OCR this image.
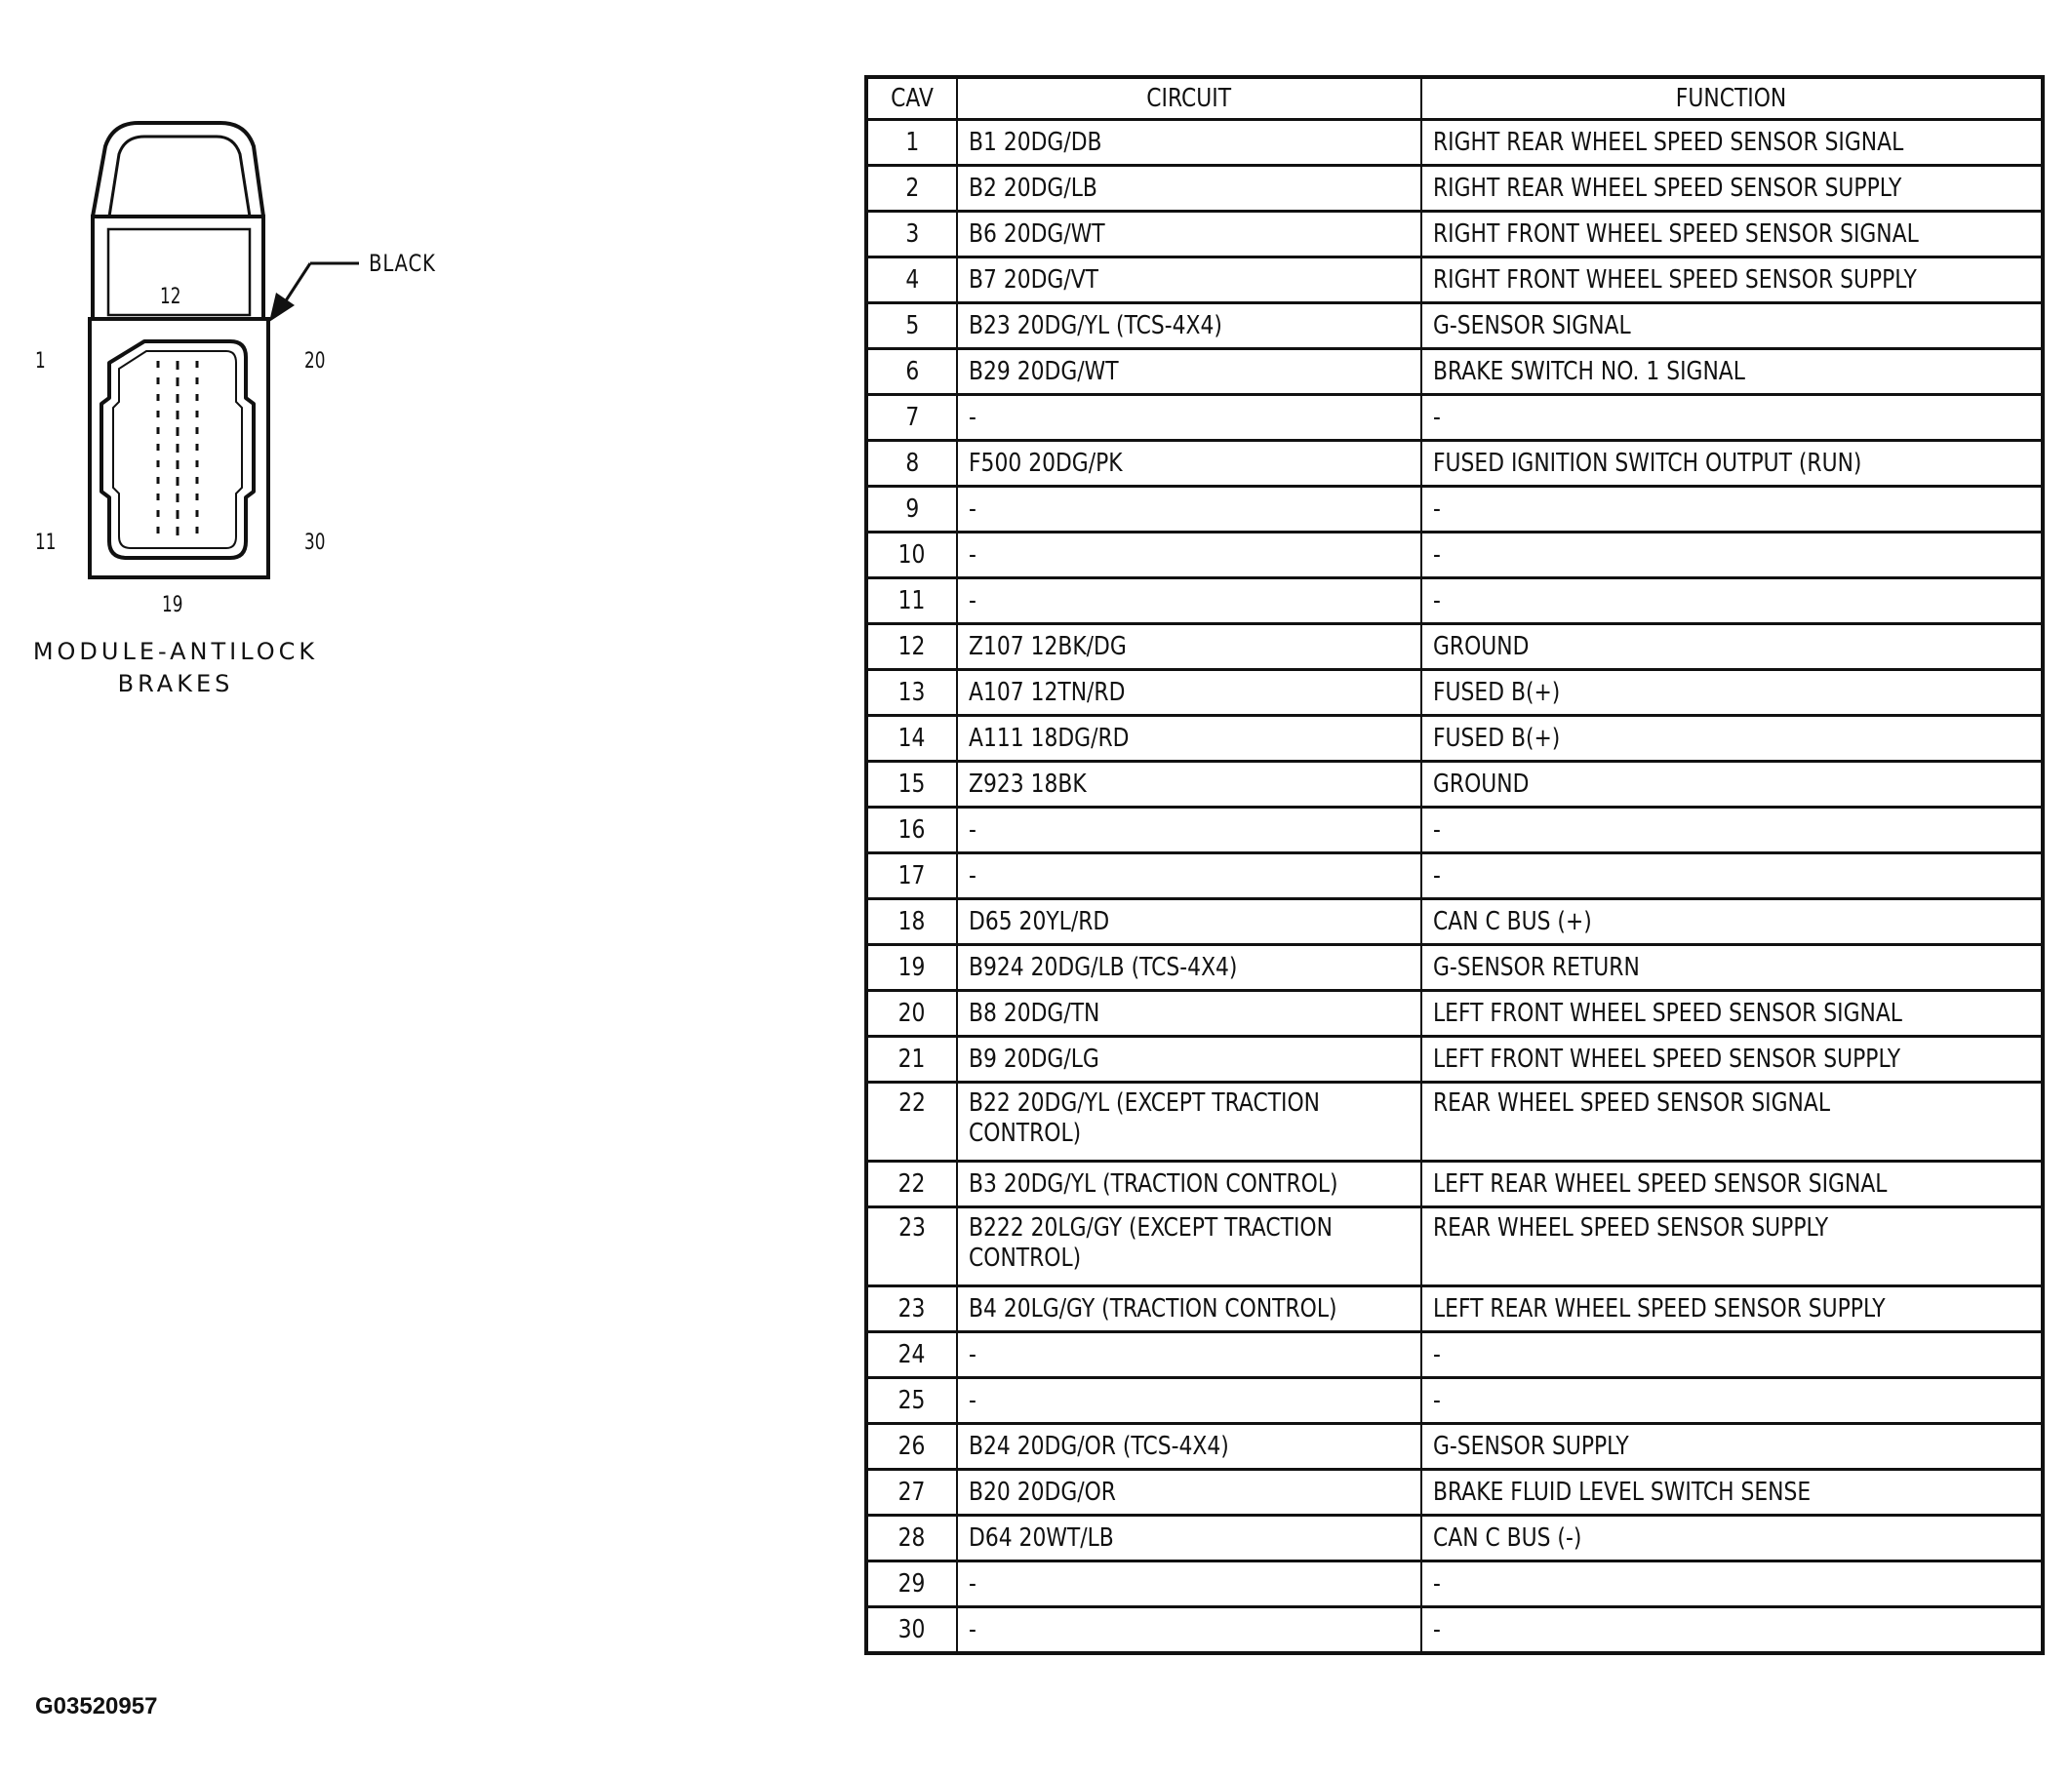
12
1	20
11	30
19
BLACK
MODULE-ANTILOCK
BRAKES
CAV	CIRCUIT	FUNCTION
1	B1 20DG/DB	RIGHT REAR WHEEL SPEED SENSOR SIGNAL
2	B2 20DG/LB	RIGHT REAR WHEEL SPEED SENSOR SUPPLY
3	B6 20DG/WT	RIGHT FRONT WHEEL SPEED SENSOR SIGNAL
4	B7 20DG/VT	RIGHT FRONT WHEEL SPEED SENSOR SUPPLY
5	B23 20DG/YL (TCS-4X4)	G-SENSOR SIGNAL
6	B29 20DG/WT	BRAKE SWITCH NO. 1 SIGNAL
7	-	-
8	F500 20DG/PK	FUSED IGNITION SWITCH OUTPUT (RUN)
9	-	-
10	-	-
11	-	-
12	Z107 12BK/DG	GROUND
13	A107 12TN/RD	FUSED B(+)
14	A111 18DG/RD	FUSED B(+)
15	Z923 18BK	GROUND
16	-	-
17	-	-
18	D65 20YL/RD	CAN C BUS (+)
19	B924 20DG/LB (TCS-4X4)	G-SENSOR RETURN
20	B8 20DG/TN	LEFT FRONT WHEEL SPEED SENSOR SIGNAL
21	B9 20DG/LG	LEFT FRONT WHEEL SPEED SENSOR SUPPLY
22	B22 20DG/YL (EXCEPT TRACTION CONTROL)	REAR WHEEL SPEED SENSOR SIGNAL
22	B3 20DG/YL (TRACTION CONTROL)	LEFT REAR WHEEL SPEED SENSOR SIGNAL
23	B222 20LG/GY (EXCEPT TRACTION CONTROL)	REAR WHEEL SPEED SENSOR SUPPLY
23	B4 20LG/GY (TRACTION CONTROL)	LEFT REAR WHEEL SPEED SENSOR SUPPLY
24	-	-
25	-	-
26	B24 20DG/OR (TCS-4X4)	G-SENSOR SUPPLY
27	B20 20DG/OR	BRAKE FLUID LEVEL SWITCH SENSE
28	D64 20WT/LB	CAN C BUS (-)
29	-	-
30	-	-
G03520957
